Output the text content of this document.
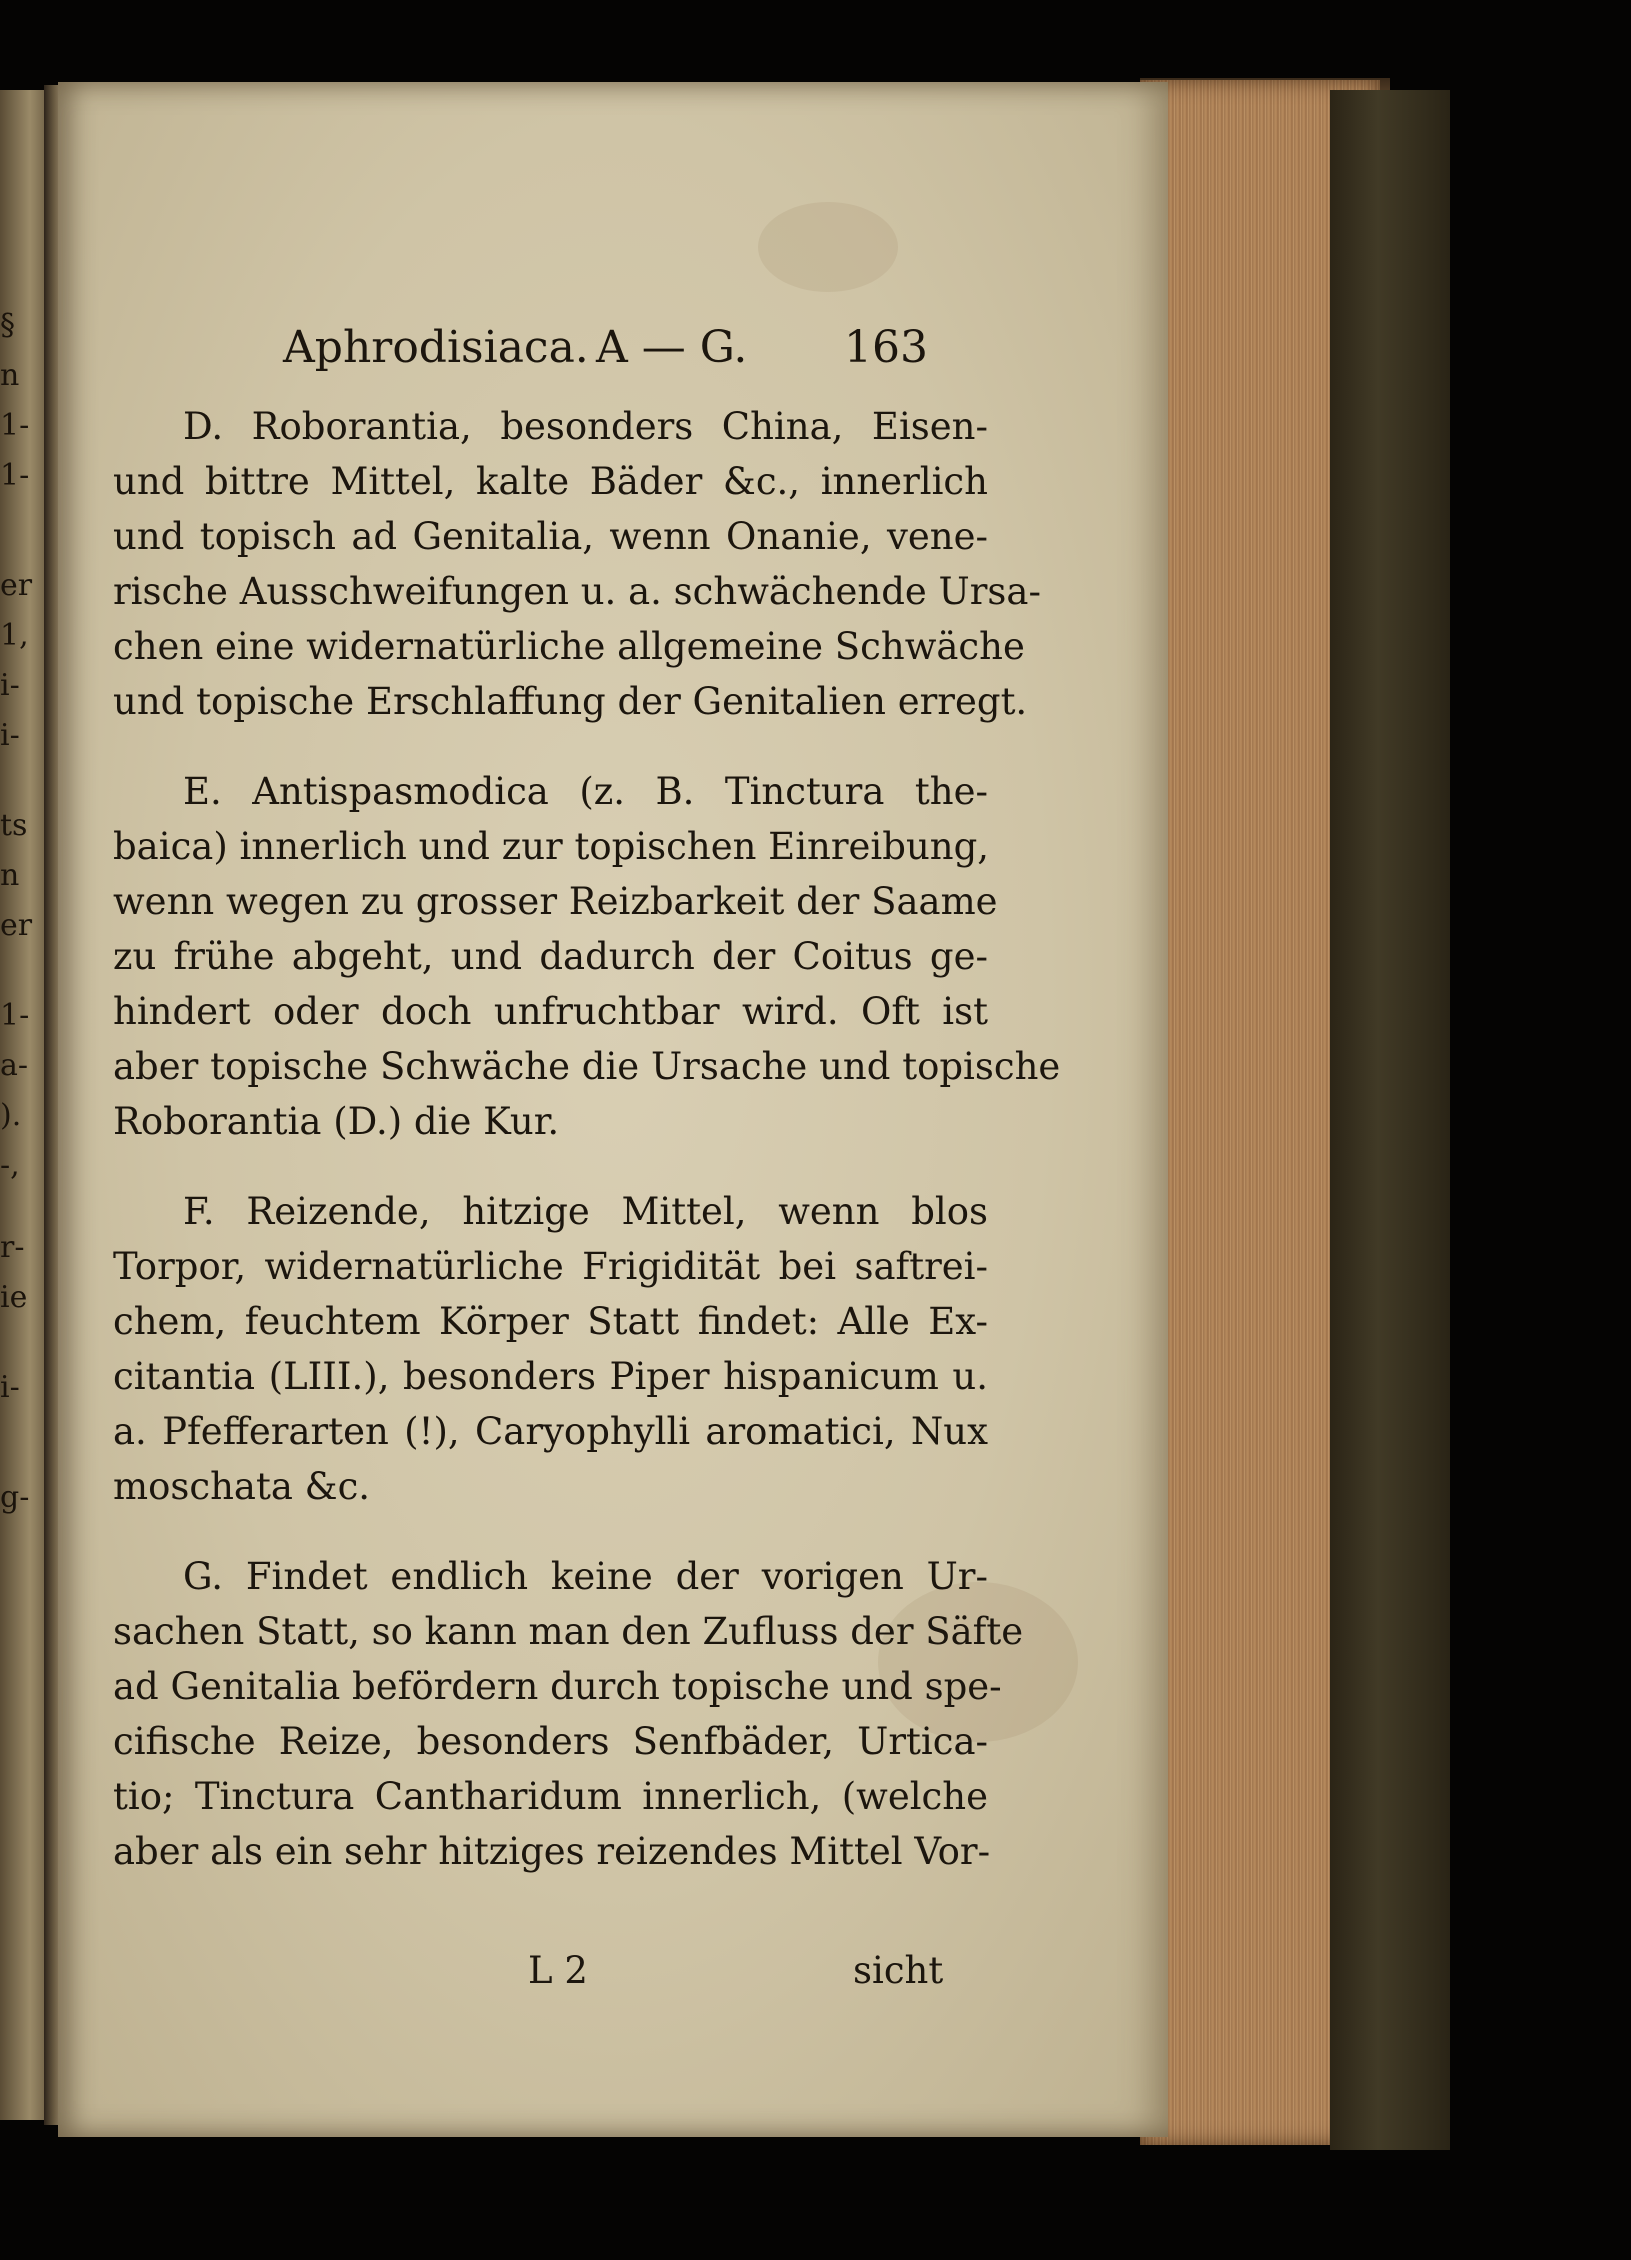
§
n
1-
1-
er
1,
i-
i-
ts
n
er
1-
a-
).
-,
r-
ie
i-
g-
Aphrodisiaca. A — G. 163
D. Roborantia, besonders China, Eisen-
und bittre Mittel, kalte Bäder &c., innerlich
und topisch ad Genitalia, wenn Onanie, vene-
rische Ausschweifungen u. a. schwächende Ursa-
chen eine widernatürliche allgemeine Schwäche
und topische Erschlaffung der Genitalien erregt.
E. Antispasmodica (z. B. Tinctura the-
baica) innerlich und zur topischen Einreibung,
wenn wegen zu grosser Reizbarkeit der Saame
zu frühe abgeht, und dadurch der Coitus ge-
hindert oder doch unfruchtbar wird. Oft ist
aber topische Schwäche die Ursache und topische
Roborantia (D.) die Kur.
F. Reizende, hitzige Mittel, wenn blos
Torpor, widernatürliche Frigidität bei saftrei-
chem, feuchtem Körper Statt findet: Alle Ex-
citantia (LIII.), besonders Piper hispanicum u.
a. Pfefferarten (!), Caryophylli aromatici, Nux
moschata &c.
G. Findet endlich keine der vorigen Ur-
sachen Statt, so kann man den Zufluss der Säfte
ad Genitalia befördern durch topische und spe-
cifische Reize, besonders Senfbäder, Urtica-
tio; Tinctura Cantharidum innerlich, (welche
aber als ein sehr hitziges reizendes Mittel Vor-
L 2	sicht
